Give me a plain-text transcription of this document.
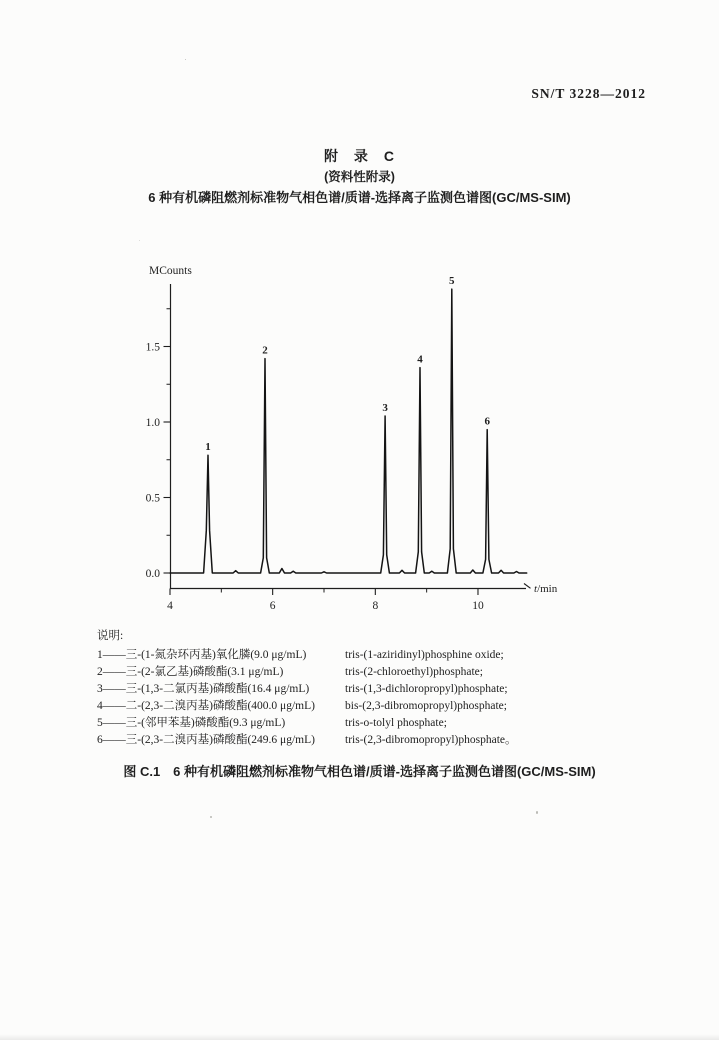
SN/T 3228—2012
附　录　C
(资料性附录)
6 种有机磷阻燃剂标准物气相色谱/质谱-选择离子监测色谱图(GC/MS-SIM)
0.0
0.5
1.0
1.5
4	6	8	10
MCounts
t/min
1
2
3
4
5
6
说明:
1——三-(1-氮杂环丙基)氧化膦(9.0 μg/mL)	tris-(1-aziridinyl)phosphine oxide;
2——三-(2-氯乙基)磷酸酯(3.1 μg/mL)	tris-(2-chloroethyl)phosphate;
3——三-(1,3-二氯丙基)磷酸酯(16.4 μg/mL)	tris-(1,3-dichloropropyl)phosphate;
4——二-(2,3-二溴丙基)磷酸酯(400.0 μg/mL)	bis-(2,3-dibromopropyl)phosphate;
5——三-(邻甲苯基)磷酸酯(9.3 μg/mL)	tris-o-tolyl phosphate;
6——三-(2,3-二溴丙基)磷酸酯(249.6 μg/mL)	tris-(2,3-dibromopropyl)phosphate。
图 C.1　6 种有机磷阻燃剂标准物气相色谱/质谱-选择离子监测色谱图(GC/MS-SIM)
